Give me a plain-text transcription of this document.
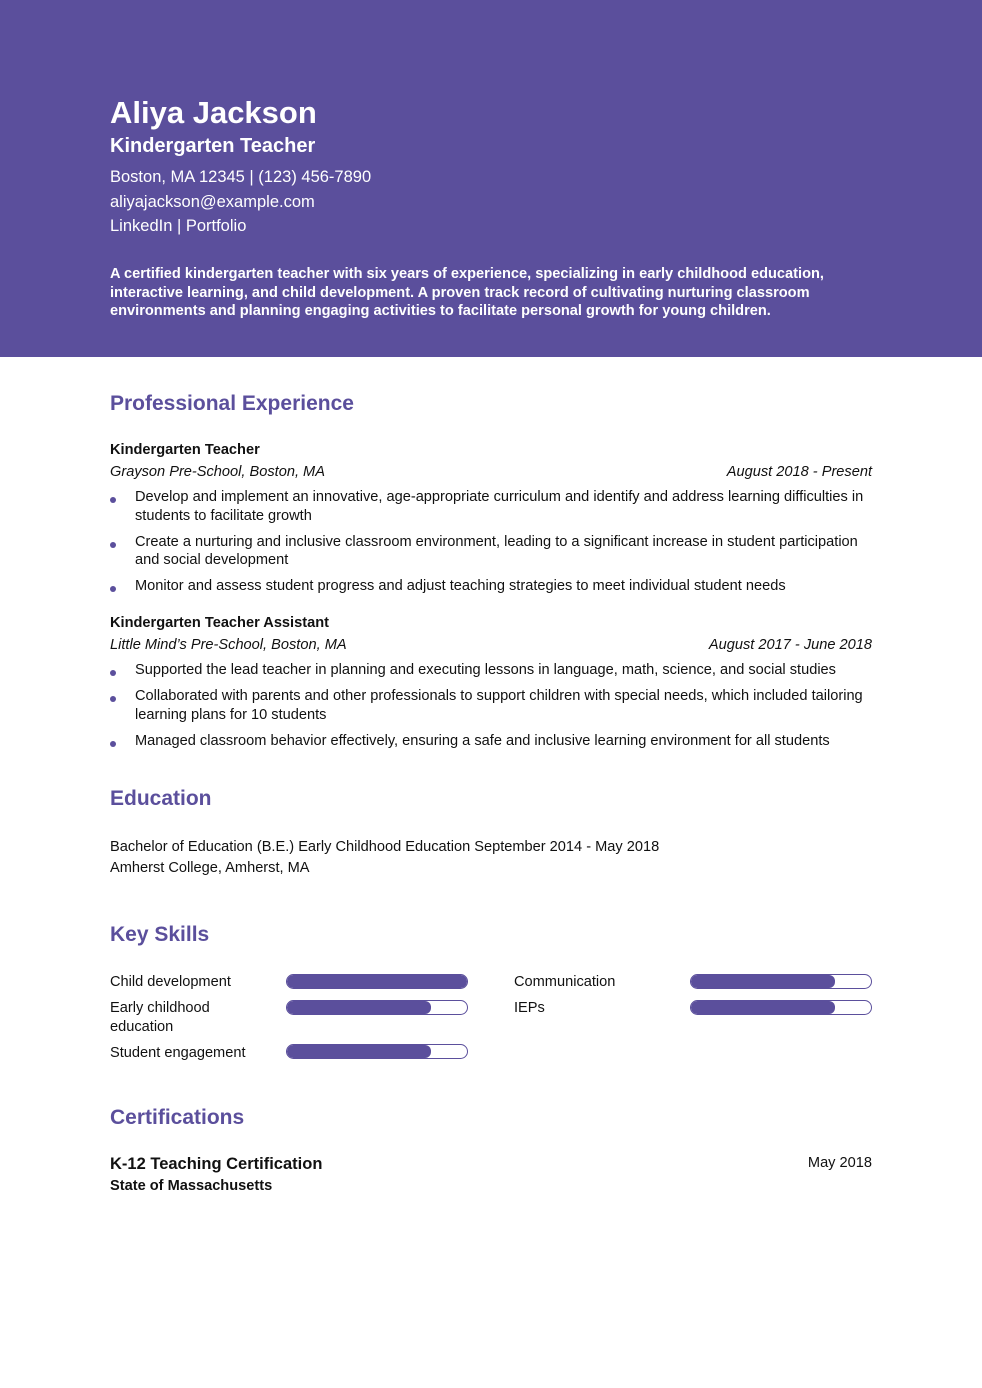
Aliya Jackson
Kindergarten Teacher
Boston, MA 12345 | (123) 456-7890
aliyajackson@example.com
LinkedIn | Portfolio
A certified kindergarten teacher with six years of experience, specializing in early childhood education, interactive learning, and child development. A proven track record of cultivating nurturing classroom environments and planning engaging activities to facilitate personal growth for young children.
Professional Experience
Kindergarten Teacher
Grayson Pre-School, Boston, MA	August 2018 - Present
Develop and implement an innovative, age-appropriate curriculum and identify and address learning difficulties in students to facilitate growth
Create a nurturing and inclusive classroom environment, leading to a significant increase in student participation and social development
Monitor and assess student progress and adjust teaching strategies to meet individual student needs
Kindergarten Teacher Assistant
Little Mind’s Pre-School, Boston, MA	August 2017 - June 2018
Supported the lead teacher in planning and executing lessons in language, math, science, and social studies
Collaborated with parents and other professionals to support children with special needs, which included tailoring learning plans for 10 students
Managed classroom behavior effectively, ensuring a safe and inclusive learning environment for all students
Education
Bachelor of Education (B.E.) Early Childhood Education September 2014 - May 2018
Amherst College, Amherst, MA
Key Skills
Child development
Early childhood education
Student engagement
Communication
IEPs
Certifications
K-12 Teaching Certification
State of Massachusetts
May 2018
